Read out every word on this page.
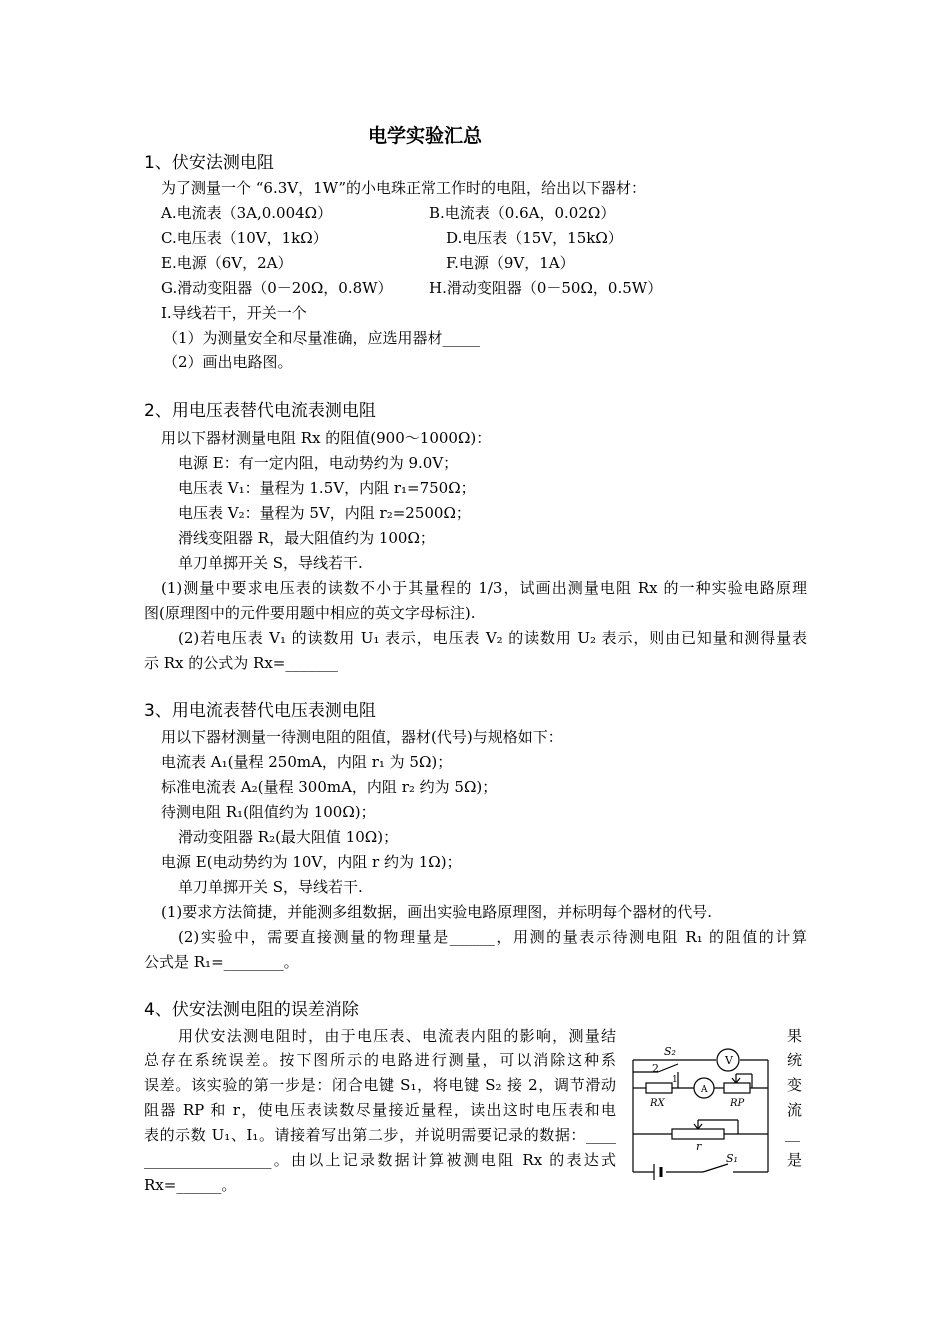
电学实验汇总
1、伏安法测电阻
为了测量一个 “6.3V，1W”的小电珠正常工作时的电阻，给出以下器材：
A.电流表（3A,0.004Ω）	B.电流表（0.6A，0.02Ω）
C.电压表（10V，1kΩ）	D.电压表（15V，15kΩ）
E.电源（6V，2A）	F.电源（9V，1A）
G.滑动变阻器（0－20Ω，0.8W） H.滑动变阻器（0－50Ω，0.5W）
I.导线若干，开关一个
（1）为测量安全和尽量准确，应选用器材_____
（2）画出电路图。
2、用电压表替代电流表测电阻
用以下器材测量电阻 Rx 的阻值(900～1000Ω)：
电源 E：有一定内阻，电动势约为 9.0V；
电压表 V₁：量程为 1.5V，内阻 r₁=750Ω；
电压表 V₂：量程为 5V，内阻 r₂=2500Ω；
滑线变阻器 R，最大阻值约为 100Ω；
单刀单掷开关 S，导线若干.
(1)测量中要求电压表的读数不小于其量程的 1/3，试画出测量电阻 Rx 的一种实验电路原理
图(原理图中的元件要用题中相应的英文字母标注).
(2)若电压表 V₁ 的读数用 U₁ 表示，电压表 V₂ 的读数用 U₂ 表示，则由已知量和测得量表
示 Rx 的公式为 Rx=_______
3、用电流表替代电压表测电阻
用以下器材测量一待测电阻的阻值，器材(代号)与规格如下：
电流表 A₁(量程 250mA，内阻 r₁ 为 5Ω)；
标准电流表 A₂(量程 300mA，内阻 r₂ 约为 5Ω)；
待测电阻 R₁(阻值约为 100Ω)；
滑动变阻器 R₂(最大阻值 10Ω)；
电源 E(电动势约为 10V，内阻 r 约为 1Ω)；
单刀单掷开关 S，导线若干.
(1)要求方法简捷，并能测多组数据，画出实验电路原理图，并标明每个器材的代号.
(2)实验中，需要直接测量的物理量是______，用测的量表示待测电阻 R₁ 的阻值的计算
公式是 R₁=________。
4、伏安法测电阻的误差消除
用伏安法测电阻时，由于电压表、电流表内阻的影响，测量结
总存在系统误差。按下图所示的电路进行测量，可以消除这种系
误差。该实验的第一步是：闭合电键 S₁，将电键 S₂ 接 2，调节滑动
阻器 RP 和 r，使电压表读数尽量接近量程，读出这时电压表和电
表的示数 U₁、I₁。请接着写出第二步，并说明需要记录的数据：____
_________________。由以上记录数据计算被测电阻 Rx 的表达式
Rx=______。
果
统
变
流
__
是
V
A
S₂
2
1
RX	RP
r
S₁
